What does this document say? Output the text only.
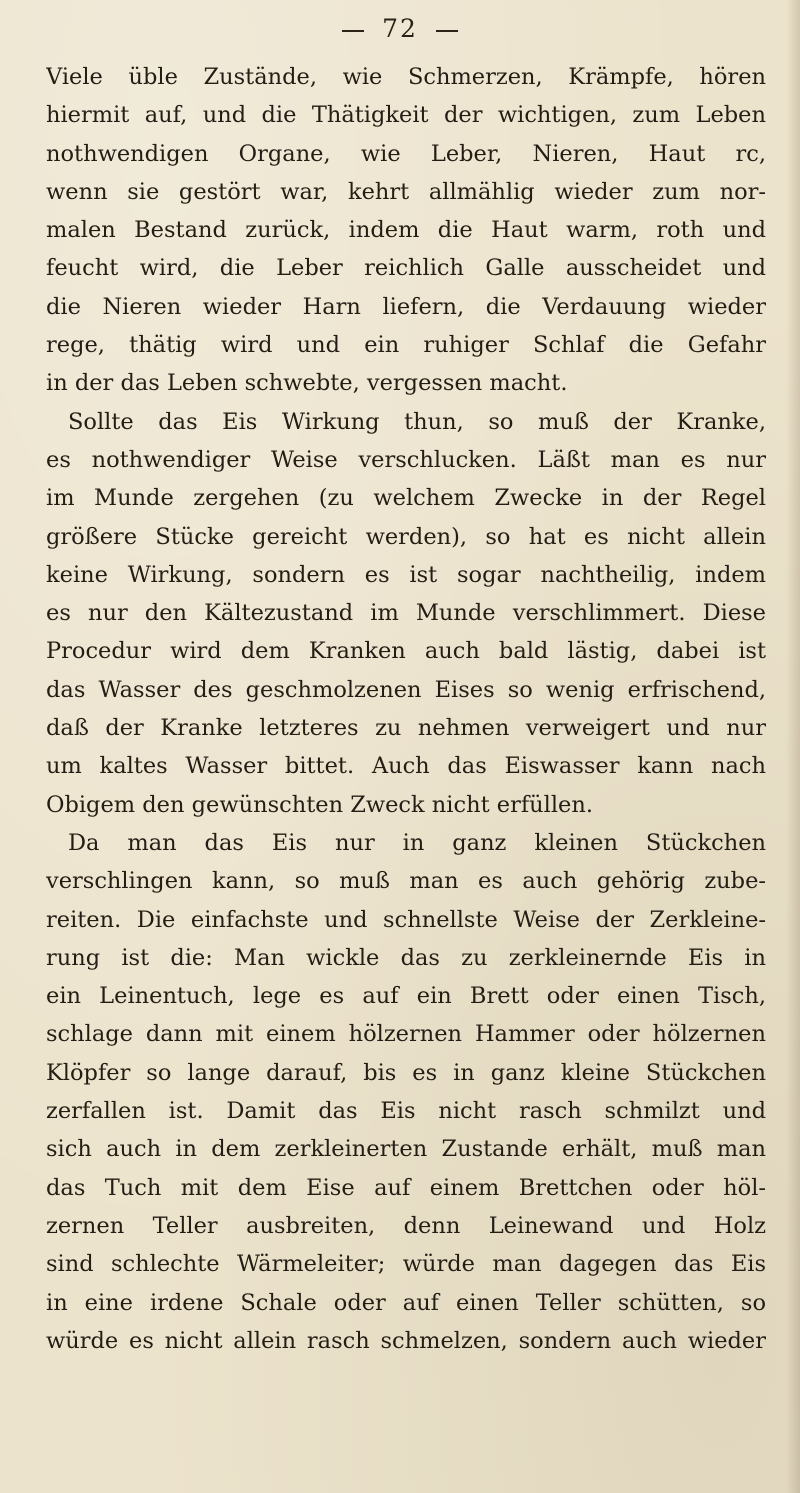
72
Viele üble Zustände, wie Schmerzen, Krämpfe, hören
hiermit auf, und die Thätigkeit der wichtigen, zum Leben
nothwendigen Organe, wie Leber, Nieren, Haut rc,
wenn sie gestört war, kehrt allmählig wieder zum nor-
malen Bestand zurück, indem die Haut warm, roth und
feucht wird, die Leber reichlich Galle ausscheidet und
die Nieren wieder Harn liefern, die Verdauung wieder
rege, thätig wird und ein ruhiger Schlaf die Gefahr
in der das Leben schwebte, vergessen macht.
Sollte das Eis Wirkung thun, so muß der Kranke,
es nothwendiger Weise verschlucken. Läßt man es nur
im Munde zergehen (zu welchem Zwecke in der Regel
größere Stücke gereicht werden), so hat es nicht allein
keine Wirkung, sondern es ist sogar nachtheilig, indem
es nur den Kältezustand im Munde verschlimmert. Diese
Procedur wird dem Kranken auch bald lästig, dabei ist
das Wasser des geschmolzenen Eises so wenig erfrischend,
daß der Kranke letzteres zu nehmen verweigert und nur
um kaltes Wasser bittet. Auch das Eiswasser kann nach
Obigem den gewünschten Zweck nicht erfüllen.
Da man das Eis nur in ganz kleinen Stückchen
verschlingen kann, so muß man es auch gehörig zube-
reiten. Die einfachste und schnellste Weise der Zerkleine-
rung ist die: Man wickle das zu zerkleinernde Eis in
ein Leinentuch, lege es auf ein Brett oder einen Tisch,
schlage dann mit einem hölzernen Hammer oder hölzernen
Klöpfer so lange darauf, bis es in ganz kleine Stückchen
zerfallen ist. Damit das Eis nicht rasch schmilzt und
sich auch in dem zerkleinerten Zustande erhält, muß man
das Tuch mit dem Eise auf einem Brettchen oder höl-
zernen Teller ausbreiten, denn Leinewand und Holz
sind schlechte Wärmeleiter; würde man dagegen das Eis
in eine irdene Schale oder auf einen Teller schütten, so
würde es nicht allein rasch schmelzen, sondern auch wieder
